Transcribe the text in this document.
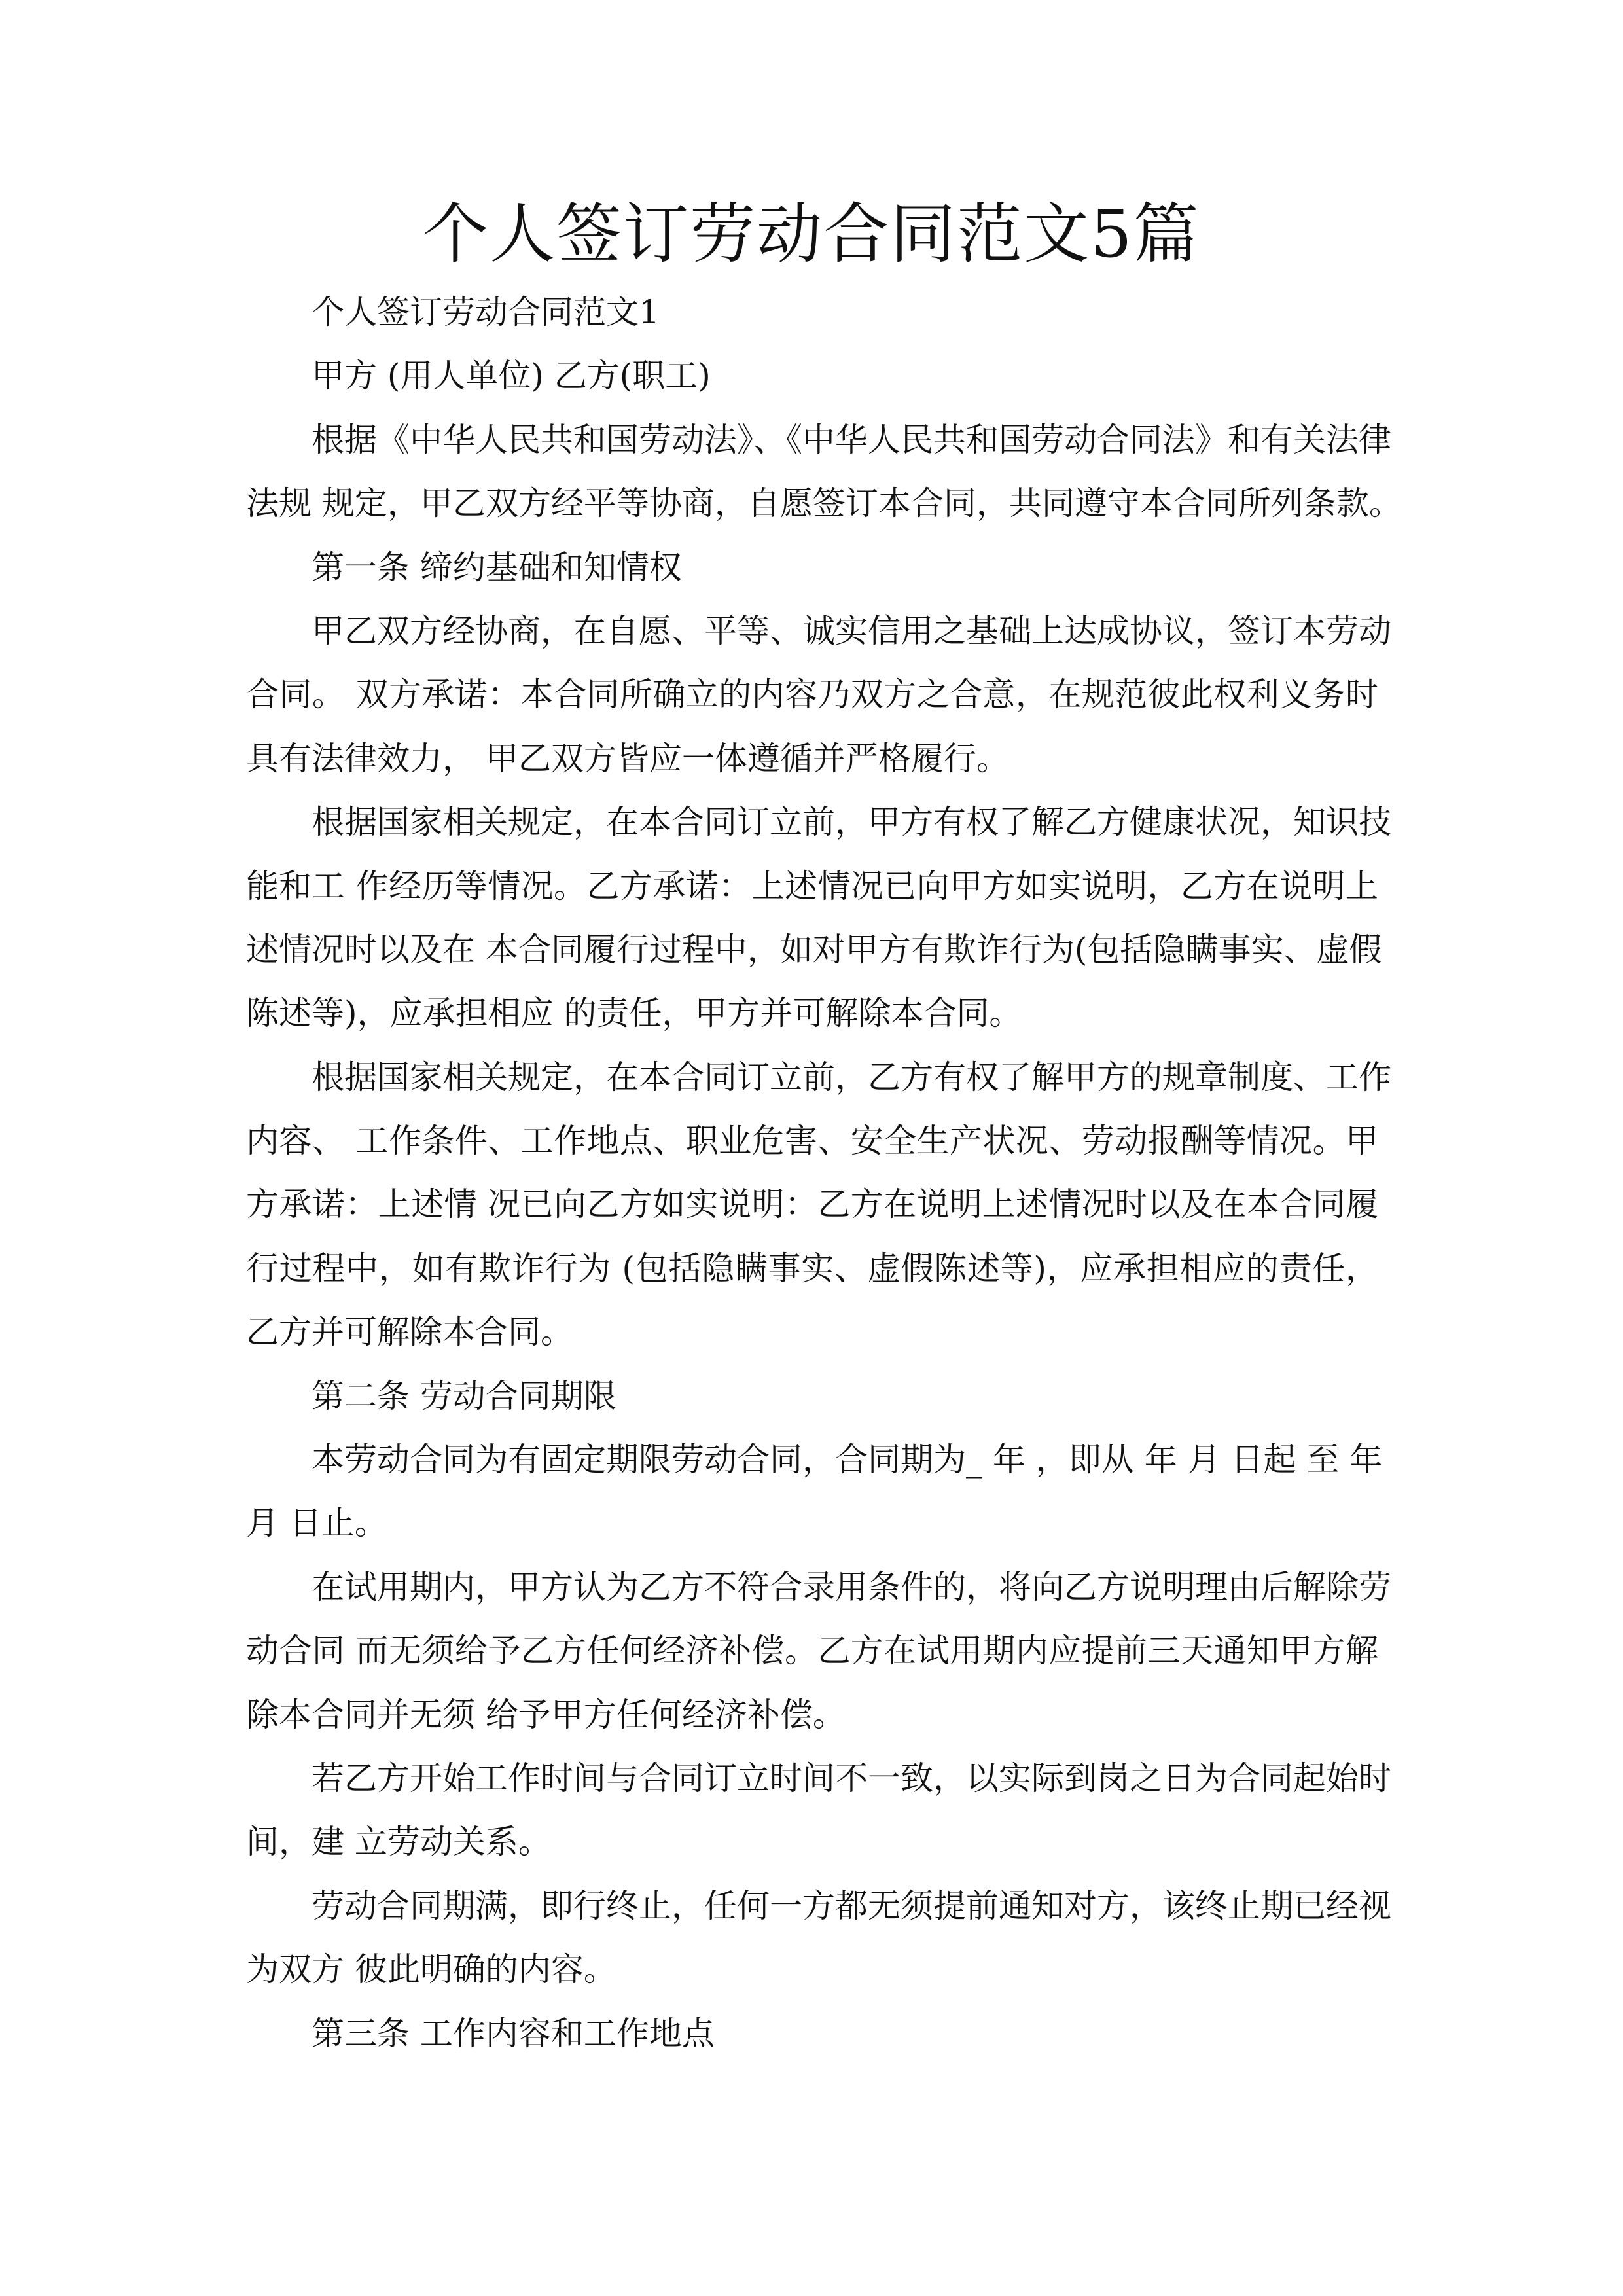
个人签订劳动合同范文5篇
个人签订劳动合同范文1
甲方 (用人单位) 乙方(职工)
根据《中华人民共和国劳动法》、《中华人民共和国劳动合同法》和有关法律
法规 规定，甲乙双方经平等协商，自愿签订本合同，共同遵守本合同所列条款。
第一条 缔约基础和知情权
甲乙双方经协商，在自愿、平等、诚实信用之基础上达成协议，签订本劳动
合同。 双方承诺：本合同所确立的内容乃双方之合意，在规范彼此权利义务时
具有法律效力， 甲乙双方皆应一体遵循并严格履行。
根据国家相关规定，在本合同订立前，甲方有权了解乙方健康状况，知识技
能和工 作经历等情况。乙方承诺：上述情况已向甲方如实说明，乙方在说明上
述情况时以及在 本合同履行过程中，如对甲方有欺诈行为(包括隐瞒事实、虚假
陈述等)，应承担相应 的责任，甲方并可解除本合同。
根据国家相关规定，在本合同订立前，乙方有权了解甲方的规章制度、工作
内容、 工作条件、工作地点、职业危害、安全生产状况、劳动报酬等情况。甲
方承诺：上述情 况已向乙方如实说明：乙方在说明上述情况时以及在本合同履
行过程中，如有欺诈行为 (包括隐瞒事实、虚假陈述等)，应承担相应的责任，
乙方并可解除本合同。
第二条 劳动合同期限
本劳动合同为有固定期限劳动合同，合同期为_ 年 ，即从 年 月 日起 至 年
月 日止。
在试用期内，甲方认为乙方不符合录用条件的，将向乙方说明理由后解除劳
动合同 而无须给予乙方任何经济补偿。乙方在试用期内应提前三天通知甲方解
除本合同并无须 给予甲方任何经济补偿。
若乙方开始工作时间与合同订立时间不一致，以实际到岗之日为合同起始时
间，建 立劳动关系。
劳动合同期满，即行终止，任何一方都无须提前通知对方，该终止期已经视
为双方 彼此明确的内容。
第三条 工作内容和工作地点
